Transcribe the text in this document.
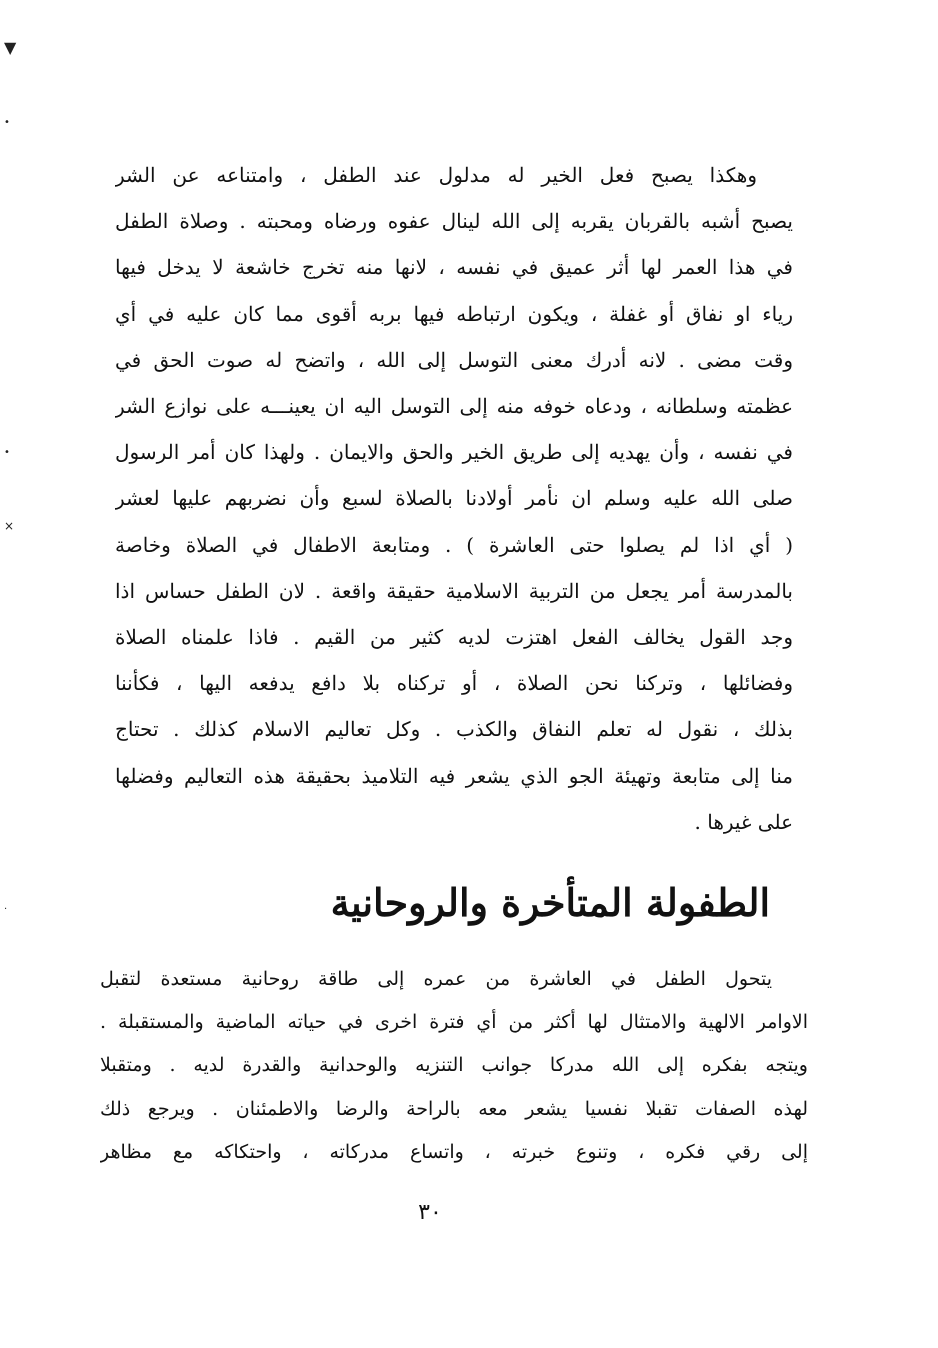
▼
•
•
×
·
وهكذا يصبح فعل الخير له مدلول عند الطفل ، وامتناعه عن الشر
يصبح أشبه بالقربان يقربه إلى الله لينال عفوه ورضاه ومحبته . وصلاة الطفل
في هذا العمر لها أثر عميق في نفسه ، لانها منه تخرج خاشعة لا يدخل فيها
رياء او نفاق أو غفلة ، ويكون ارتباطه فيها بربه أقوى مما كان عليه في أي
وقت مضى . لانه أدرك معنى التوسل إلى الله ، واتضح له صوت الحق في
عظمته وسلطانه ، ودعاه خوفه منه إلى التوسل اليه ان يعينـــه على نوازع الشر
في نفسه ، وأن يهديه إلى طريق الخير والحق والايمان . ولهذا كان أمر الرسول
صلى الله عليه وسلم ان نأمر أولادنا بالصلاة لسبع وأن نضربهم عليها لعشر
( أي اذا لم يصلوا حتى العاشرة ) . ومتابعة الاطفال في الصلاة وخاصة
بالمدرسة أمر يجعل من التربية الاسلامية حقيقة واقعة . لان الطفل حساس اذا
وجد القول يخالف الفعل اهتزت لديه كثير من القيم . فاذا علمناه الصلاة
وفضائلها ، وتركنا نحن الصلاة ، أو تركناه بلا دافع يدفعه اليها ، فكأننا
بذلك ، نقول له تعلم النفاق والكذب . وكل تعاليم الاسلام كذلك . تحتاج
منا إلى متابعة وتهيئة الجو الذي يشعر فيه التلاميذ بحقيقة هذه التعاليم وفضلها
على غيرها .
الطفولة المتأخرة والروحانية
يتحول الطفل في العاشرة من عمره إلى طاقة روحانية مستعدة لتقبل
الاوامر الالهية والامتثال لها أكثر من أي فترة اخرى في حياته الماضية والمستقبلة .
ويتجه بفكره إلى الله مدركا جوانب التنزيه والوحدانية والقدرة لديه . ومتقبلا
لهذه الصفات تقبلا نفسيا يشعر معه بالراحة والرضا والاطمئنان . ويرجع ذلك
إلى رقي فكره ، وتنوع خبرته ، واتساع مدركاته ، واحتكاكه مع مظاهر
٣٠
